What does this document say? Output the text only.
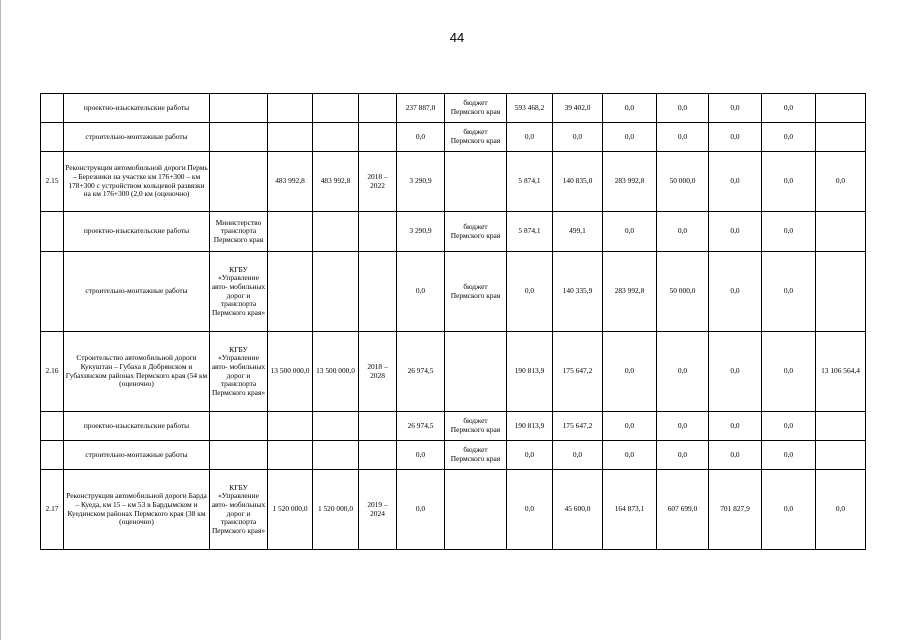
44
	проектно-изыскательские работы					237 887,0	бюджет Пермского края	593 468,2	39 402,0	0,0	0,0	0,0	0,0	
	строительно-монтажные работы					0,0	бюджет Пермского края	0,0	0,0	0,0	0,0	0,0	0,0	
2.15	Реконструкция автомобильной дороги Пермь – Березники на участке км 176+300 – км 178+300 с устройством кольцевой развязки на км 176+300 (2,0 км (оценочно)		483 992,8	483 992,8	2018 – 2022	3 290,9		5 874,1	140 835,0	283 992,8	50 000,0	0,0	0,0	0,0
	проектно-изыскательские работы	Министерство транспорта Пермского края				3 290,9	бюджет Пермского края	5 874,1	499,1	0,0	0,0	0,0	0,0	
	строительно-монтажные работы	КГБУ «Управление авто- мобильных дорог и транспорта Пермского края»				0,0	бюджет Пермского края	0,0	140 335,9	283 992,8	50 000,0	0,0	0,0	
2.16	Строительство автомобильной дороги Кукуштан – Губаха в Добрянском и Губахинском районах Пермского края (54 км (оценочно)	КГБУ «Управление авто- мобильных дорог и транспорта Пермского края»	13 500 000,0	13 500 000,0	2018 – 2028	26 974,5		190 813,9	175 647,2	0,0	0,0	0,0	0,0	13 106 564,4
	проектно-изыскательские работы					26 974,5	бюджет Пермского края	190 813,9	175 647,2	0,0	0,0	0,0	0,0	
	строительно-монтажные работы					0,0	бюджет Пермского края	0,0	0,0	0,0	0,0	0,0	0,0	
2.17	Реконструкция автомобильной дороги Барда – Куеда, км 15 – км 53 в Бардымском и Куединском районах Пермского края (38 км (оценочно)	КГБУ «Управление авто- мобильных дорог и транспорта Пермского края»	1 520 000,0	1 520 000,0	2019 – 2024	0,0		0,0	45 600,0	164 873,1	607 699,0	701 827,9	0,0	0,0
